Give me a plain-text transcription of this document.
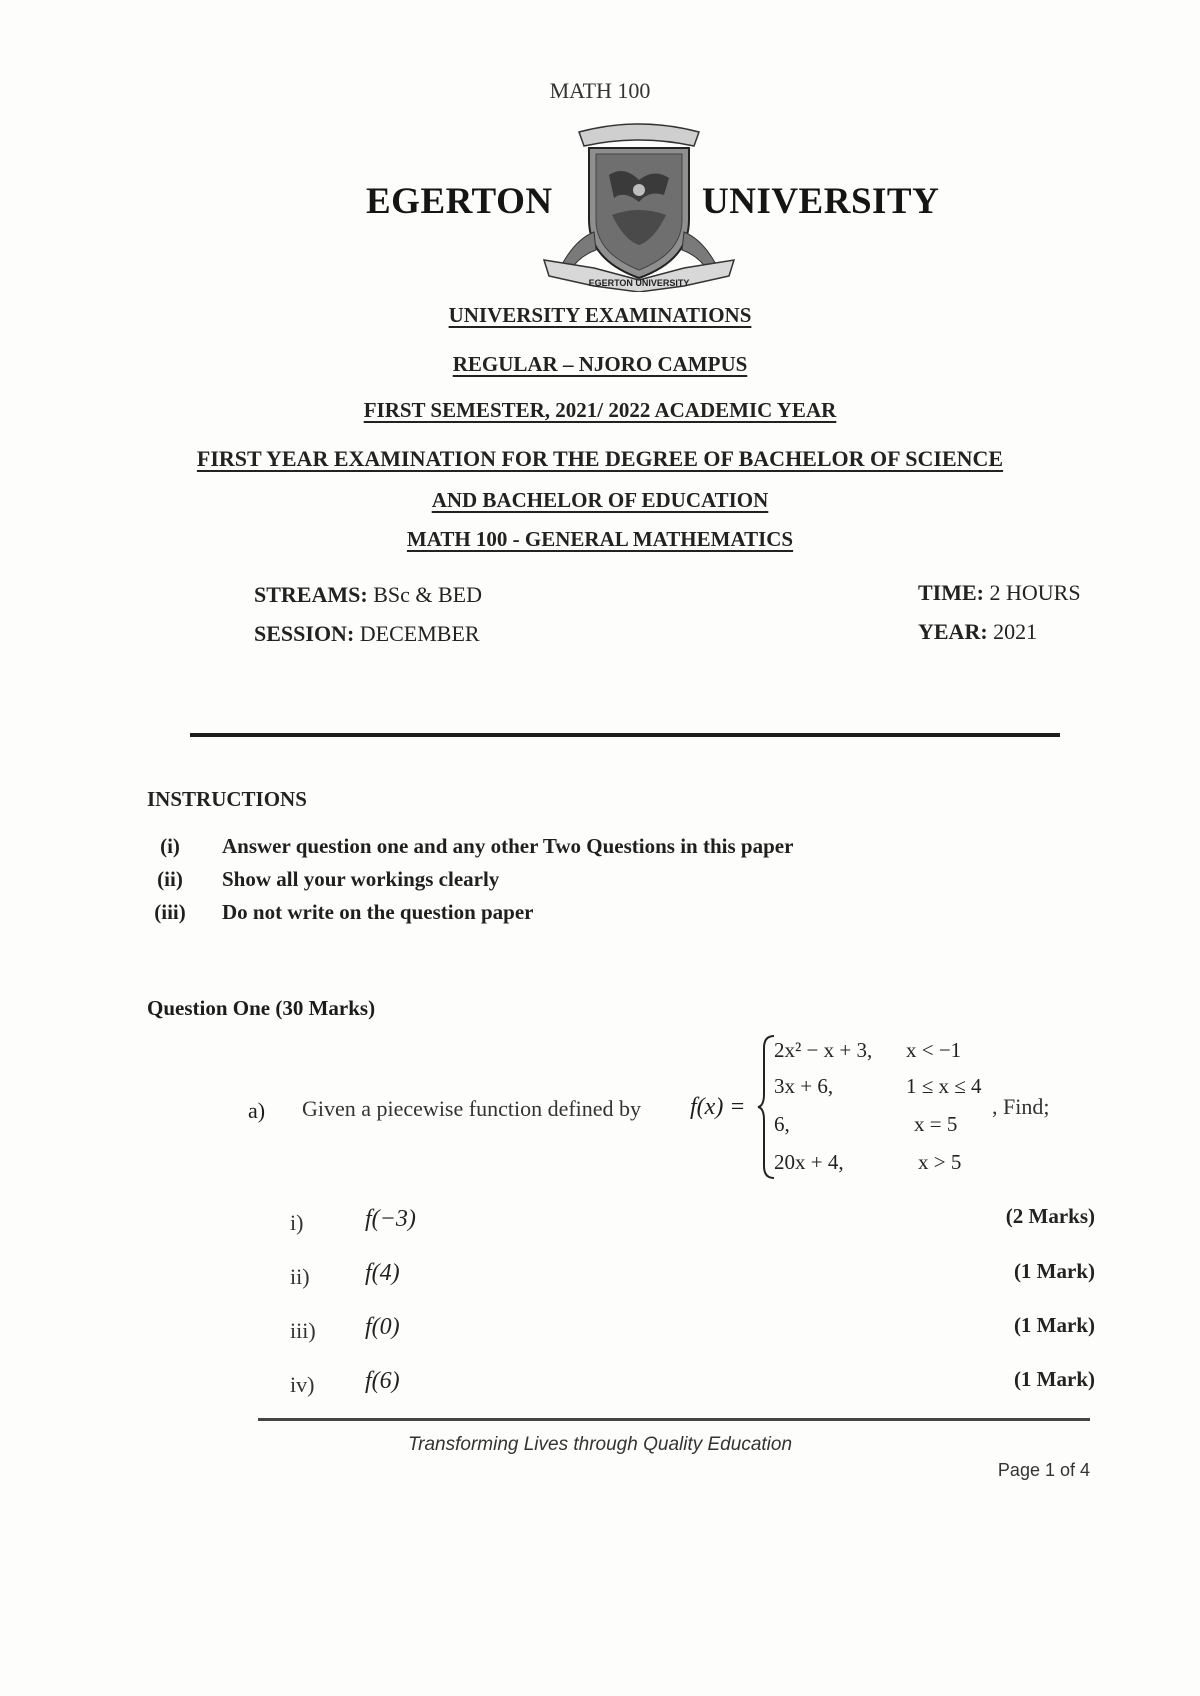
MATH 100
EGERTON	UNIVERSITY
EGERTON UNIVERSITY
UNIVERSITY EXAMINATIONS
REGULAR – NJORO CAMPUS
FIRST SEMESTER, 2021/ 2022 ACADEMIC YEAR
FIRST YEAR EXAMINATION FOR THE DEGREE OF BACHELOR OF SCIENCE
AND BACHELOR OF EDUCATION
MATH 100 - GENERAL MATHEMATICS
STREAMS: BSc & BED
SESSION: DECEMBER
TIME: 2 HOURS
YEAR: 2021
INSTRUCTIONS
(i)	Answer question one and any other Two Questions in this paper
(ii)	Show all your workings clearly
(iii)	Do not write on the question paper
Question One (30 Marks)
a) Given a piecewise function defined by f(x) =
2x² − x + 3, x < −1
3x + 6,	1 ≤ x ≤ 4
6,	x = 5
20x + 4,	x > 5
, Find;
i)	f(−3)	(2 Marks)
ii) f(4)	(1 Mark)
iii) f(0)	(1 Mark)
iv) f(6)	(1 Mark)
Transforming Lives through Quality Education
Page 1 of 4
